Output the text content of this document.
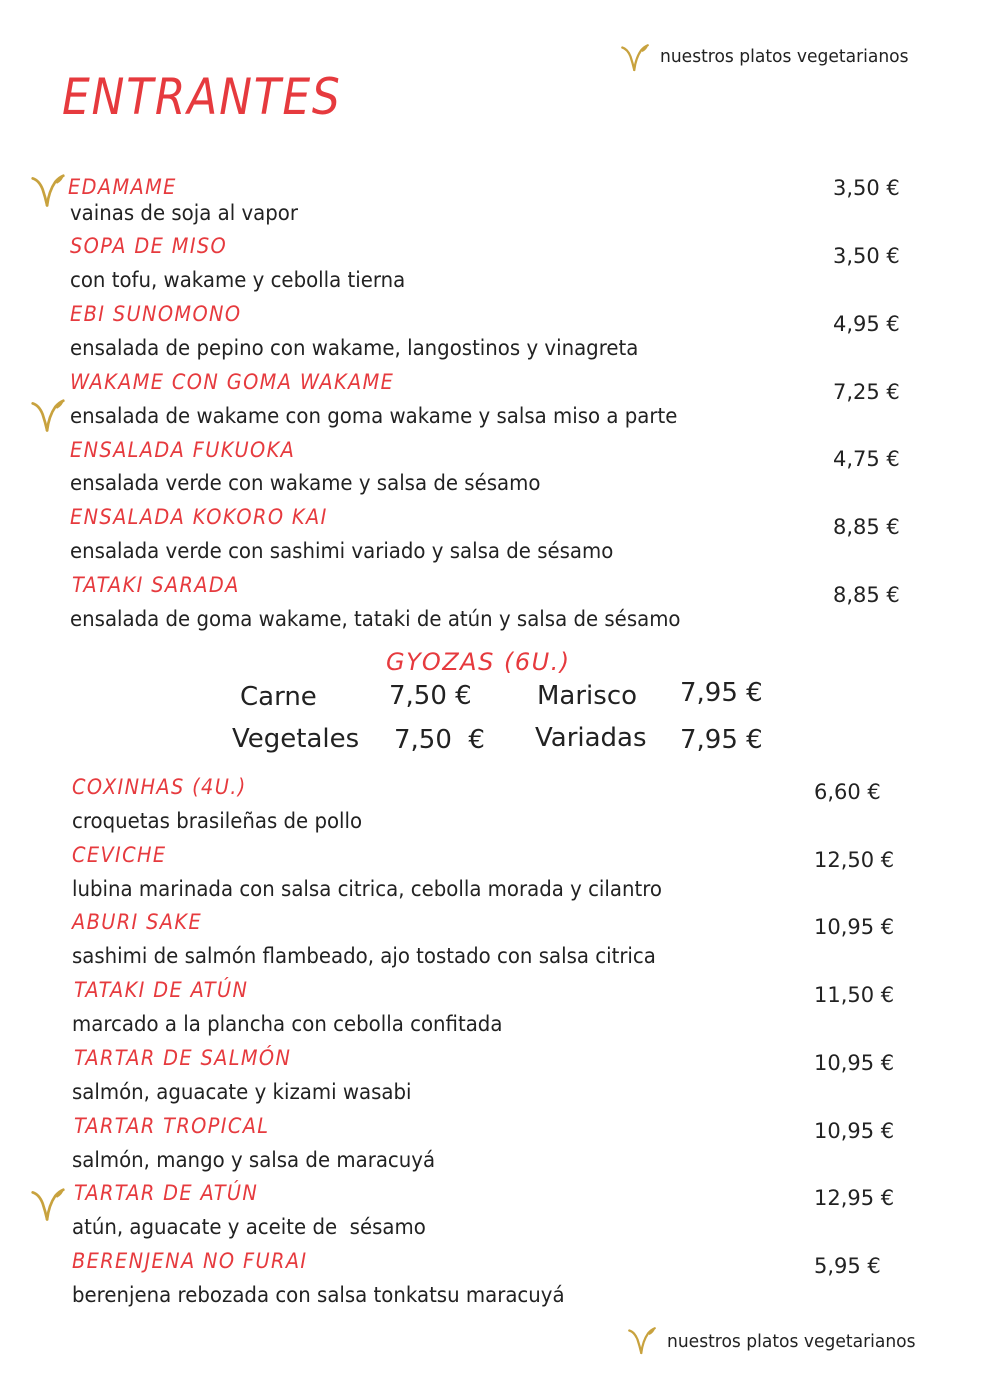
nuestros platos vegetarianos
ENTRANTES
EDAMAME
vainas de soja al vapor
3,50 €
SOPA DE MISO
con tofu, wakame y cebolla tierna
3,50 €
EBI SUNOMONO
ensalada de pepino con wakame, langostinos y vinagreta
4,95 €
WAKAME CON GOMA WAKAME
ensalada de wakame con goma wakame y salsa miso a parte
7,25 €
ENSALADA FUKUOKA
ensalada verde con wakame y salsa de sésamo
4,75 €
ENSALADA KOKORO KAI
ensalada verde con sashimi variado y salsa de sésamo
8,85 €
TATAKI SARADA
ensalada de goma wakame, tataki de atún y salsa de sésamo
8,85 €
GYOZAS (6U.)
Carne	7,50 €	Marisco 7,95 €
Vegetales 7,50  € Variadas 7,95 €
COXINHAS (4U.)
croquetas brasileñas de pollo
6,60 €
CEVICHE
lubina marinada con salsa citrica, cebolla morada y cilantro
12,50 €
ABURI SAKE
sashimi de salmón flambeado, ajo tostado con salsa citrica
10,95 €
TATAKI DE ATÚN
marcado a la plancha con cebolla confitada
11,50 €
TARTAR DE SALMÓN
salmón, aguacate y kizami wasabi
10,95 €
TARTAR TROPICAL
salmón, mango y salsa de maracuyá
10,95 €
TARTAR DE ATÚN
atún, aguacate y aceite de  sésamo
12,95 €
BERENJENA NO FURAI
berenjena rebozada con salsa tonkatsu maracuyá
5,95 €
nuestros platos vegetarianos
